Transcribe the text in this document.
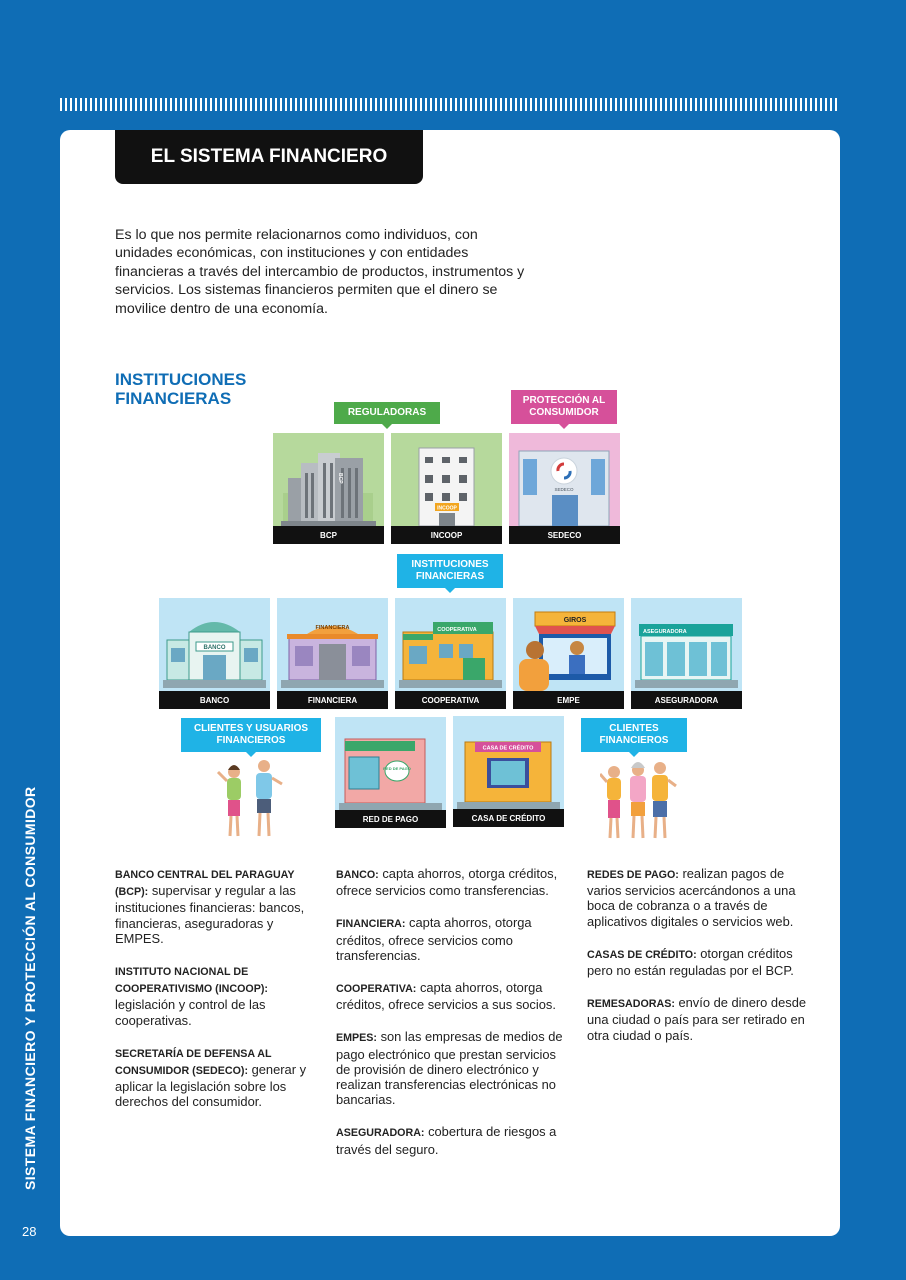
SISTEMA FINANCIERO Y PROTECCIÓN AL CONSUMIDOR
28
EL SISTEMA FINANCIERO

Es lo que nos permite relacionarnos como individuos, con unidades económicas, con instituciones y con entidades financieras a través del intercambio de productos, instrumentos y servicios. Los sistemas financieros permiten que el dinero se movilice dentro de una economía.

INSTITUCIONES FINANCIERAS
REGULADORAS
PROTECCIÓN AL CONSUMIDOR
INSTITUCIONES FINANCIERAS
CLIENTES Y USUARIOS FINANCIEROS
CLIENTES FINANCIEROS
BCP
BCP
INCOOP
INCOOP
SEDECO
SEDECO
BANCO
BANCO
FINANCIERA
FINANCIERA
COOPERATIVA
COOPERATIVA
GIROS
EMPE
ASEGURADORA
ASEGURADORA
RED DE PAGO
RED DE PAGO
CASA DE CRÉDITO
CASA DE CRÉDITO

BANCO CENTRAL DEL PARAGUAY (BCP): supervisar y regular a las instituciones financieras: bancos, financieras, aseguradoras y EMPES.

INSTITUTO NACIONAL DE COOPERATIVISMO (INCOOP): legislación y control de las cooperativas.

SECRETARÍA DE DEFENSA AL CONSUMIDOR (SEDECO): generar y aplicar la legislación sobre los derechos del consumidor.

BANCO: capta ahorros, otorga créditos, ofrece servicios como transferencias.

FINANCIERA: capta ahorros, otorga créditos, ofrece servicios como transferencias.

COOPERATIVA: capta ahorros, otorga créditos, ofrece servicios a sus socios.

EMPES: son las empresas de medios de pago electrónico que prestan servicios de provisión de dinero electrónico y realizan transferencias electrónicas no bancarias.

ASEGURADORA: cobertura de riesgos a través del seguro.

REDES DE PAGO: realizan pagos de varios servicios acercándonos a una boca de cobranza o a través de aplicativos digitales o servicios web.

CASAS DE CRÉDITO: otorgan créditos pero no están reguladas por el BCP.

REMESADORAS: envío de dinero desde una ciudad o país para ser retirado en otra ciudad o país.
